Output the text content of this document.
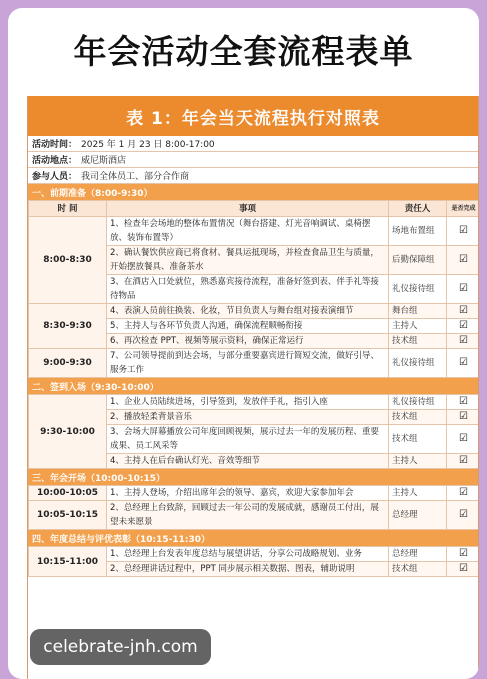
年会活动全套流程表单
表 1：年会当天流程执行对照表
活动时间： 2025 年 1 月 23 日 8:00-17:00
活动地点： 威尼斯酒店
参与人员： 我司全体员工、部分合作商
一、前期准备（8:00-9:30）
时 间	事项	责任人	是否完成
8:00-8:30	1、检查年会场地的整体布置情况（舞台搭建、灯光音响调试、桌椅摆放、装饰布置等）	场地布置组	☑
	2、确认餐饮供应商已将食材、餐具运抵现场，并检查食品卫生与质量，开始摆放餐具、准备茶水	后勤保障组	☑
	3、在酒店入口处就位，熟悉嘉宾接待流程，准备好签到表、伴手礼等接待物品	礼仪接待组	☑
8:30-9:30	4、表演人员前往换装、化妆，节目负责人与舞台组对接表演细节	舞台组	☑
	5、主持人与各环节负责人沟通，确保流程顺畅衔接	主持人	☑
	6、再次检查 PPT、视频等展示资料，确保正常运行	技术组	☑
9:00-9:30	7、公司领导提前到达会场，与部分重要嘉宾进行简短交流，做好引导、服务工作	礼仪接待组	☑
二、签到入场（9:30-10:00）
9:30-10:00	1、企业人员陆续进场，引导签到，发放伴手礼，指引入座	礼仪接待组	☑
	2、播放轻柔背景音乐	技术组	☑
	3、会场大屏幕播放公司年度回顾视频，展示过去一年的发展历程、重要成果、员工风采等	技术组	☑
	4、主持人在后台确认灯光、音效等细节	主持人	☑
三、年会开场（10:00-10:15）
10:00-10:05	1、主持人登场，介绍出席年会的领导、嘉宾，欢迎大家参加年会	主持人	☑
10:05-10:15	2、总经理上台致辞，回顾过去一年公司的发展成就，感谢员工付出，展望未来愿景	总经理	☑
四、年度总结与评优表彰（10:15-11:30）
10:15-11:00	1、总经理上台发表年度总结与展望讲话，分享公司战略规划、业务	总经理	☑
	2、总经理讲话过程中，PPT 同步展示相关数据、图表，辅助说明	技术组	☑
celebrate-jnh.com
